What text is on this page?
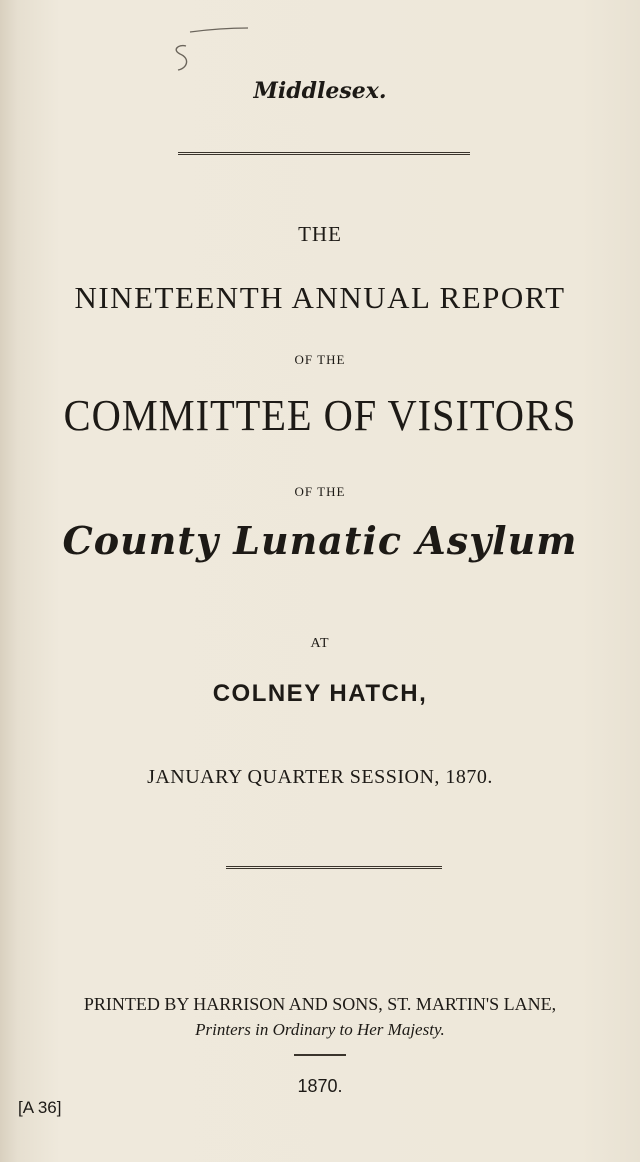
5
Middlesex.
THE
NINETEENTH ANNUAL REPORT
OF THE
COMMITTEE OF VISITORS
OF THE
County Lunatic Asylum
AT
COLNEY HATCH,
JANUARY QUARTER SESSION, 1870.
PRINTED BY HARRISON AND SONS, ST. MARTIN'S LANE,
Printers in Ordinary to Her Majesty.
1870.
[A 36]
